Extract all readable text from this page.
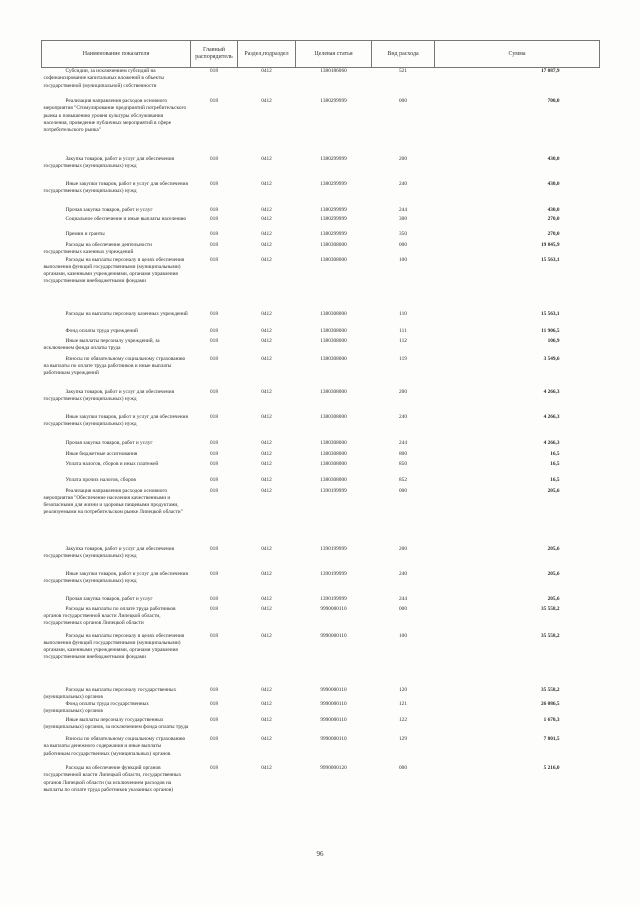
Наименование показателя	Главный распорядитель	Раздел,подраздел	Целевая статья	Вид расхода	Сумма
Субсидии, за исключением субсидий на софинансирование капитальных вложений в объекты государственной (муниципальной) собственности	018	0412	1380186060	521	17 087,9
Реализация направления расходов основного мероприятия "Стимулирование предприятий потребительского рынка к повышению уровня культуры обслуживания населения, проведение публичных мероприятий в сфере потребительского рынка"	018	0412	1380299999	000	700,0
Закупка товаров, работ и услуг для обеспечения государственных (муниципальных) нужд	018	0412	1380299999	200	430,0
Иные закупки товаров, работ и услуг для обеспечения государственных (муниципальных) нужд	018	0412	1380299999	240	430,0
Прочая закупка товаров, работ и услуг	018	0412	1380299999	244	430,0
Социальное обеспечение и иные выплаты населению	018	0412	1380299999	300	270,0
Премии и гранты	018	0412	1380299999	350	270,0
Расходы на обеспечение деятельности государственных казенных учреждений	018	0412	1380308000	000	19 845,9
Расходы на выплаты персоналу в целях обеспечения выполнения функций государственными (муниципальными) органами, казенными учреждениями, органами управления государственными внебюджетными фондами	018	0412	1380308000	100	15 563,1
Расходы на выплаты персоналу казенных учреждений	018	0412	1380308000	110	15 563,1
Фонд оплаты труда учреждений	018	0412	1380308000	111	11 906,5
Иные выплаты персоналу учреждений, за исключением фонда оплаты труда	018	0412	1380308000	112	106,9
Взносы по обязательному социальному страхованию на выплаты по оплате труда работников и иные выплаты работникам учреждений	018	0412	1380308000	119	3 549,6
Закупка товаров, работ и услуг для обеспечения государственных (муниципальных) нужд	018	0412	1380308000	200	4 266,3
Иные закупки товаров, работ и услуг для обеспечения государственных (муниципальных) нужд	018	0412	1380308000	240	4 266,3
Прочая закупка товаров, работ и услуг	018	0412	1380308000	244	4 266,3
Иные бюджетные ассигнования	018	0412	1380308000	800	16,5
Уплата налогов, сборов и иных платежей	018	0412	1380308000	850	16,5
Уплата прочих налогов, сборов	018	0412	1380308000	852	16,5
Реализация направления расходов основного мероприятия "Обеспечение населения качественными и безопасными для жизни и здоровья пищевыми продуктами, реализуемыми на потребительском рынке Липецкой области"	018	0412	1390199999	000	205,6
Закупка товаров, работ и услуг для обеспечения государственных (муниципальных) нужд	018	0412	1390199999	200	205,6
Иные закупки товаров, работ и услуг для обеспечения государственных (муниципальных) нужд	018	0412	1390199999	240	205,6
Прочая закупка товаров, работ и услуг	018	0412	1390199999	244	205,6
Расходы на выплаты по оплате труда работников органов государственной власти Липецкой области, государственных органов Липецкой области	018	0412	9990000110	000	35 558,2
Расходы на выплаты персоналу в целях обеспечения выполнения функций государственными (муниципальными) органами, казенными учреждениями, органами управления государственными внебюджетными фондами	018	0412	9990000110	100	35 558,2
Расходы на выплаты персоналу государственных (муниципальных) органов	018	0412	9990000110	120	35 558,2
Фонд оплаты труда государственных (муниципальных) органов	018	0412	9990000110	121	26 086,5
Иные выплаты персоналу государственных (муниципальных) органов, за исключением фонда оплаты труда	018	0412	9990000110	122	1 670,3
Взносы по обязательному социальному страхованию на выплаты денежного содержания и иные выплаты работникам государственных (муниципальных) органов	018	0412	9990000110	129	7 801,5
Расходы на обеспечение функций органов государственной власти Липецкой области, государственных органов Липецкой области (за исключением расходов на выплаты по оплате труда работников указанных органов)	018	0412	9990000120	000	5 216,0
96
